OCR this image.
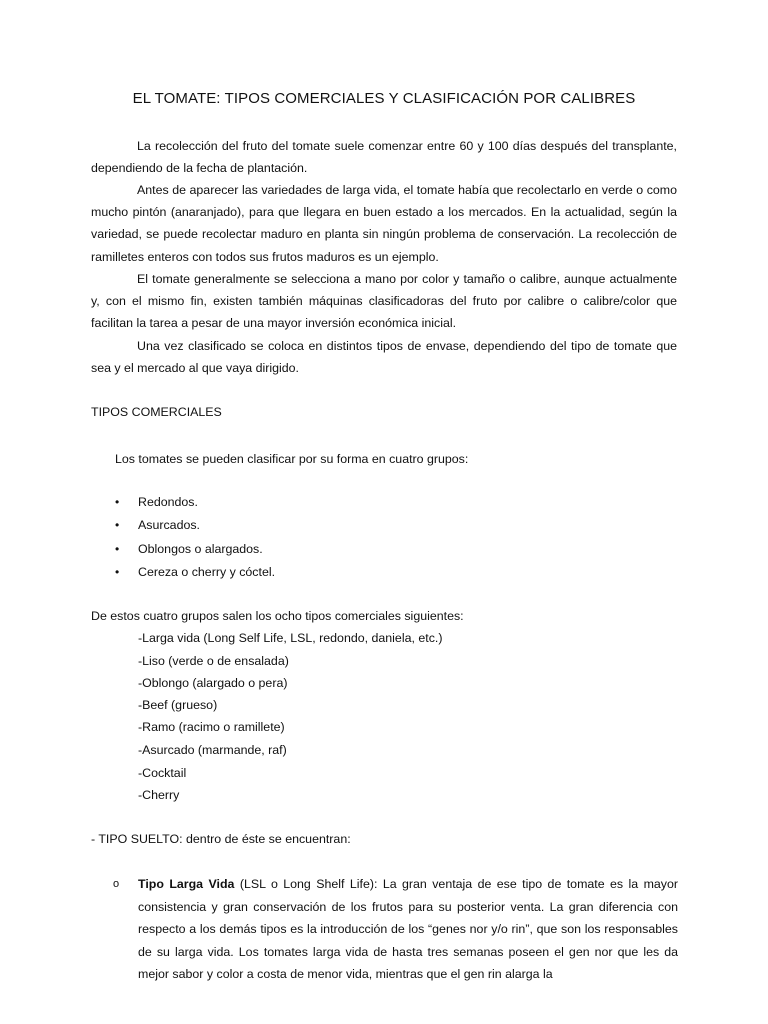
EL TOMATE: TIPOS COMERCIALES Y CLASIFICACIÓN POR CALIBRES

La recolección del fruto del tomate suele comenzar entre 60 y 100 días después del transplante, dependiendo de la fecha de plantación.

Antes de aparecer las variedades de larga vida, el tomate había que recolectarlo en verde o como mucho pintón (anaranjado), para que llegara en buen estado a los mercados. En la actualidad, según la variedad, se puede recolectar maduro en planta sin ningún problema de conservación. La recolección de ramilletes enteros con todos sus frutos maduros es un ejemplo.

El tomate generalmente se selecciona a mano por color y tamaño o calibre, aunque actualmente y, con el mismo fin, existen también máquinas clasificadoras del fruto por calibre o calibre/color que facilitan la tarea a pesar de una mayor inversión económica inicial.

Una vez clasificado se coloca en distintos tipos de envase, dependiendo del tipo de tomate que sea y el mercado al que vaya dirigido.

TIPOS COMERCIALES
Los tomates se pueden clasificar por su forma en cuatro grupos:
• Redondos.
• Asurcados.
• Oblongos o alargados.
• Cereza o cherry y cóctel.
De estos cuatro grupos salen los ocho tipos comerciales siguientes:
-Larga vida (Long Self Life, LSL, redondo, daniela, etc.)
-Liso (verde o de ensalada)
-Oblongo (alargado o pera)
-Beef (grueso)
-Ramo (racimo o ramillete)
-Asurcado (marmande, raf)
-Cocktail
-Cherry
- TIPO SUELTO: dentro de éste se encuentran:
o Tipo Larga Vida (LSL o Long Shelf Life): La gran ventaja de ese tipo de tomate es la mayor consistencia y gran conservación de los frutos para su posterior venta. La gran diferencia con respecto a los demás tipos es la introducción de los “genes nor y/o rin”, que son los responsables de su larga vida. Los tomates larga vida de hasta tres semanas poseen el gen nor que les da mejor sabor y color a costa de menor vida, mientras que el gen rin alarga la
